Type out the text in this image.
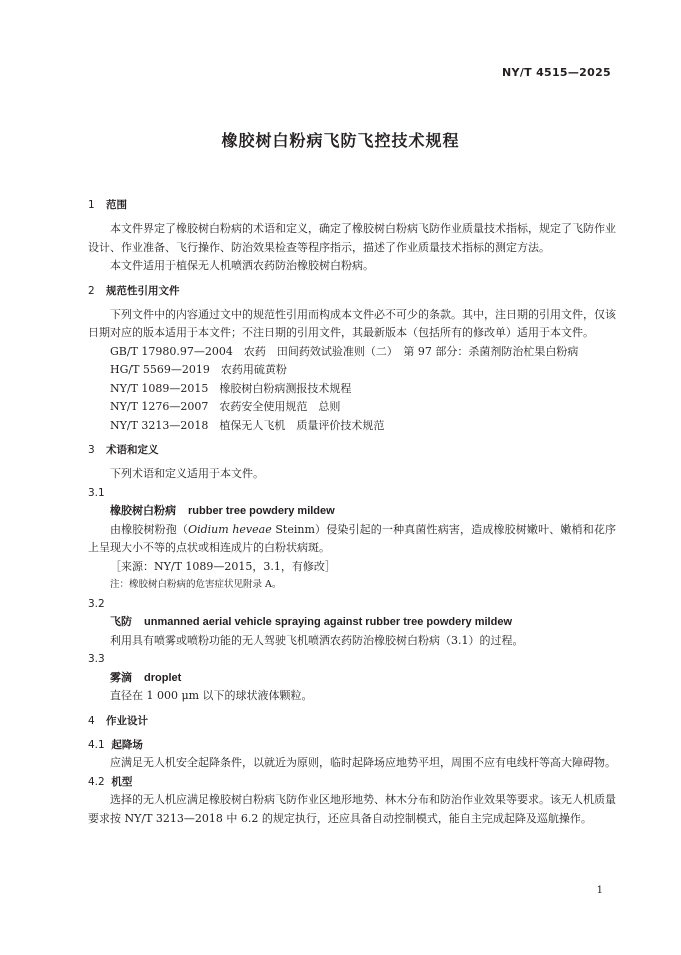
NY/T 4515—2025
橡胶树白粉病飞防飞控技术规程
1 范围

本文件界定了橡胶树白粉病的术语和定义，确定了橡胶树白粉病飞防作业质量技术指标，规定了飞防作业设计、作业准备、飞行操作、防治效果检查等程序指示，描述了作业质量技术指标的测定方法。

本文件适用于植保无人机喷洒农药防治橡胶树白粉病。

2 规范性引用文件

下列文件中的内容通过文中的规范性引用而构成本文件必不可少的条款。其中，注日期的引用文件，仅该日期对应的版本适用于本文件；不注日期的引用文件，其最新版本（包括所有的修改单）适用于本文件。

GB/T 17980.97—2004　农药　田间药效试验准则（二）　第 97 部分：杀菌剂防治杧果白粉病

HG/T 5569—2019　农药用硫黄粉

NY/T 1089—2015　橡胶树白粉病测报技术规程

NY/T 1276—2007　农药安全使用规范　总则

NY/T 3213—2018　植保无人飞机　质量评价技术规范

3 术语和定义

下列术语和定义适用于本文件。

3.1

橡胶树白粉病 rubber tree powdery mildew

由橡胶树粉孢（Oidium heveae Steinm）侵染引起的一种真菌性病害，造成橡胶树嫩叶、嫩梢和花序上呈现大小不等的点状或相连成片的白粉状病斑。

［来源：NY/T 1089—2015，3.1，有修改］

注：橡胶树白粉病的危害症状见附录 A。

3.2

飞防 unmanned aerial vehicle spraying against rubber tree powdery mildew

利用具有喷雾或喷粉功能的无人驾驶飞机喷洒农药防治橡胶树白粉病（3.1）的过程。

3.3

雾滴 droplet

直径在 1 000 μm 以下的球状液体颗粒。

4 作业设计

4.1 起降场

应满足无人机安全起降条件，以就近为原则，临时起降场应地势平坦，周围不应有电线杆等高大障碍物。

4.2 机型

选择的无人机应满足橡胶树白粉病飞防作业区地形地势、林木分布和防治作业效果等要求。该无人机质量要求按 NY/T 3213—2018 中 6.2 的规定执行，还应具备自动控制模式，能自主完成起降及巡航操作。

1
